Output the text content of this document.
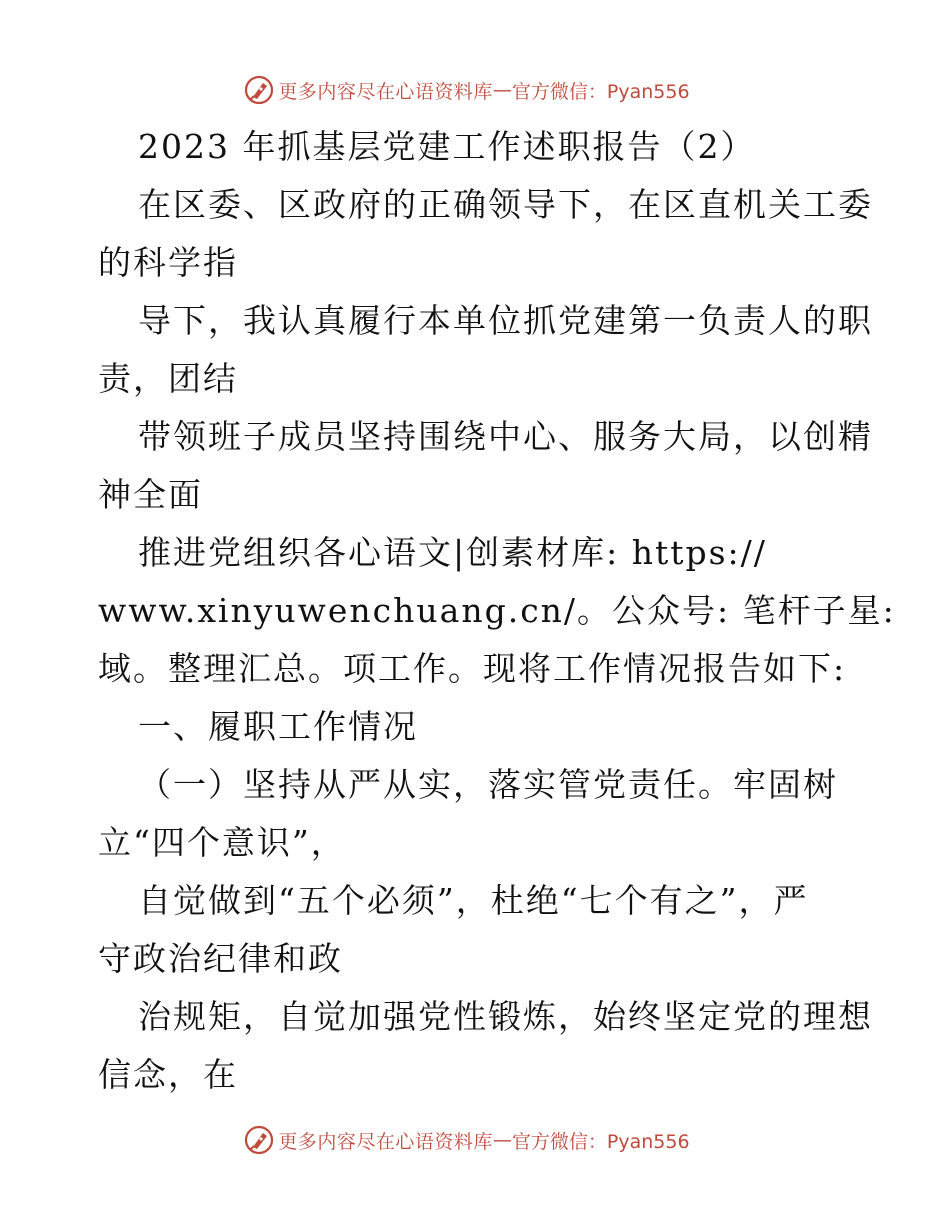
更多内容尽在心语资料库 — 官方微信：Pyan556
2023 年抓基层党建工作述职报告（2）
在区委、区政府的正确领导下，在区直机关工委
的科学指
导下，我认真履行本单位抓党建第一负责人的职
责，团结
带领班子成员坚持围绕中心、服务大局，以创精
神全面
推进党组织各心语文|创素材库: https://
www.xinyuwenchuang.cn/。公众号: 笔杆子星:
域。整理汇总。项工作。现将工作情况报告如下:
一、履职工作情况
（一）坚持从严从实，落实管党责任。牢固树
立“四个意识”，
自觉做到“五个必须”，杜绝“七个有之”，严
守政治纪律和政
治规矩，自觉加强党性锻炼，始终坚定党的理想
信念，在
更多内容尽在心语资料库 — 官方微信：Pyan556
